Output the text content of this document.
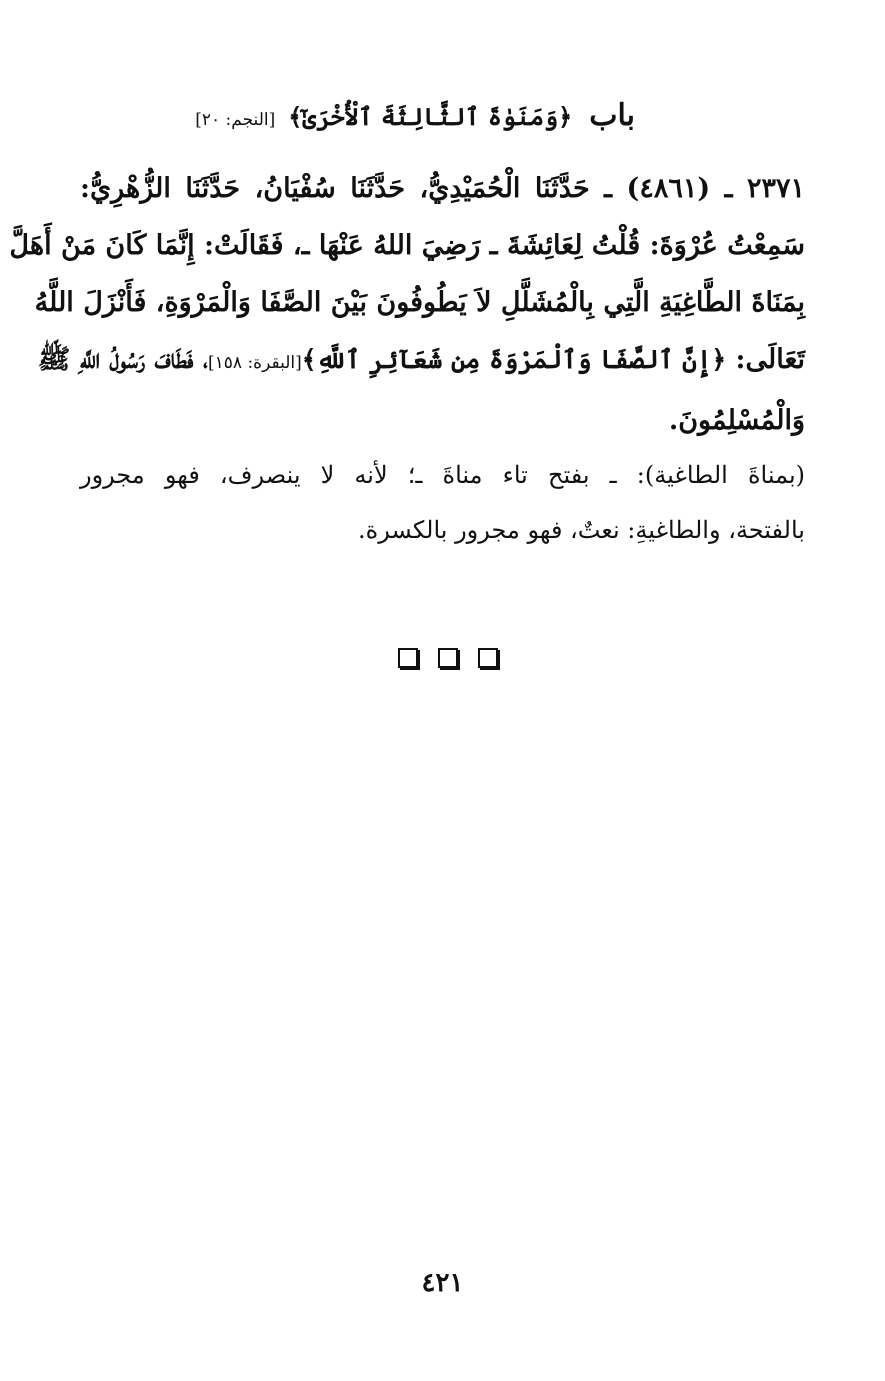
باب ﴿وَمَنَوٰةَ ٱلثَّالِثَةَ ٱلْأُخْرَىٰٓ﴾ [النجم: ٢٠]
٢٣٧١ ـ (٤٨٦١) ـ حَدَّثَنَا الْحُمَيْدِيُّ، حَدَّثَنَا سُفْيَانُ، حَدَّثَنَا الزُّهْرِيُّ:
سَمِعْتُ عُرْوَةَ: قُلْتُ لِعَائِشَةَ ـ رَضِيَ اللهُ عَنْهَا ـ، فَقَالَتْ: إِنَّمَا كَانَ مَنْ أَهَلَّ
بِمَنَاةَ الطَّاغِيَةِ الَّتِي بِالْمُشَلَّلِ لاَ يَطُوفُونَ بَيْنَ الصَّفَا وَالْمَرْوَةِ، فَأَنْزَلَ اللَّهُ
تَعَالَى: ﴿إِنَّ ٱلصَّفَا وَٱلْمَرْوَةَ مِن شَعَآئِرِ ٱللَّهِ﴾[البقرة: ١٥٨]، فَطَافَ رَسُولُ اللَّهِ ﷺ
وَالْمُسْلِمُونَ.
(بمناةَ الطاغية): ـ بفتح تاء مناةَ ـ؛ لأنه لا ينصرف، فهو مجرور
بالفتحة، والطاغيةِ: نعتٌ، فهو مجرور بالكسرة.
٤٢١
